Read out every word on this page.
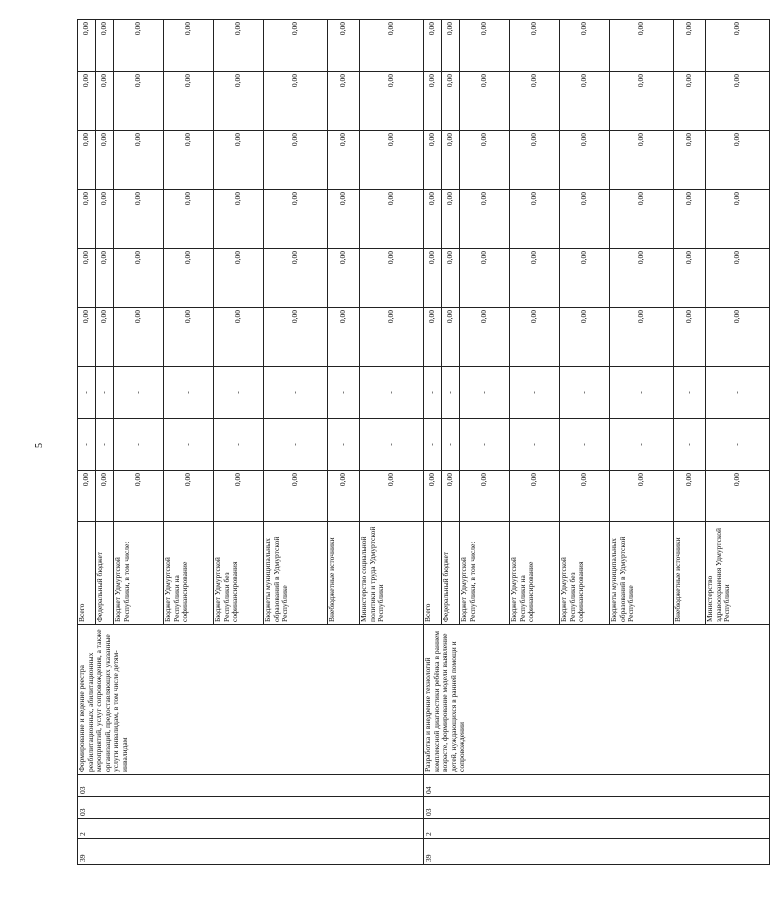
5
39	2	03	03	Формирование и ведение реестра реабилитационных, абилитационных мероприятий, услуг сопровождения, а также организаций, предоставляющих указанные услуги инвалидам, в том числе детям-инвалидам	Всего	0,00	-	-	0,00	0,00	0,00	0,00	0,00	0,00
					Федеральный бюджет	0,00	-	-	0,00	0,00	0,00	0,00	0,00	0,00
					Бюджет Удмуртской Республики, в том числе:	0,00	-	-	0,00	0,00	0,00	0,00	0,00	0,00
					Бюджет Удмуртской Республики на софинансирование	0,00	-	-	0,00	0,00	0,00	0,00	0,00	0,00
					Бюджет Удмуртской Республики без софинансирования	0,00	-	-	0,00	0,00	0,00	0,00	0,00	0,00
					Бюджеты муниципальных образований в Удмуртской Республике	0,00	-	-	0,00	0,00	0,00	0,00	0,00	0,00
					Внебюджетные источники	0,00	-	-	0,00	0,00	0,00	0,00	0,00	0,00
					Министерство социальной политики и труда Удмуртской Республики	0,00	-	-	0,00	0,00	0,00	0,00	0,00	0,00
39	2	03	04	Разработка и внедрение технологий комплексной диагностики ребёнка в раннем возрасте, формирование модели выявление детей, нуждающихся в ранней помощи и сопровождении	Всего	0,00	-	-	0,00	0,00	0,00	0,00	0,00	0,00
					Федеральный бюджет	0,00	-	-	0,00	0,00	0,00	0,00	0,00	0,00
					Бюджет Удмуртской Республики, в том числе:	0,00	-	-	0,00	0,00	0,00	0,00	0,00	0,00
					Бюджет Удмуртской Республики на софинансирование	0,00	-	-	0,00	0,00	0,00	0,00	0,00	0,00
					Бюджет Удмуртской Республики без софинансирования	0,00	-	-	0,00	0,00	0,00	0,00	0,00	0,00
					Бюджеты муниципальных образований в Удмуртской Республике	0,00	-	-	0,00	0,00	0,00	0,00	0,00	0,00
					Внебюджетные источники	0,00	-	-	0,00	0,00	0,00	0,00	0,00	0,00
					Министерство здравоохранения Удмуртской Республики	0,00	-	-	0,00	0,00	0,00	0,00	0,00	0,00
